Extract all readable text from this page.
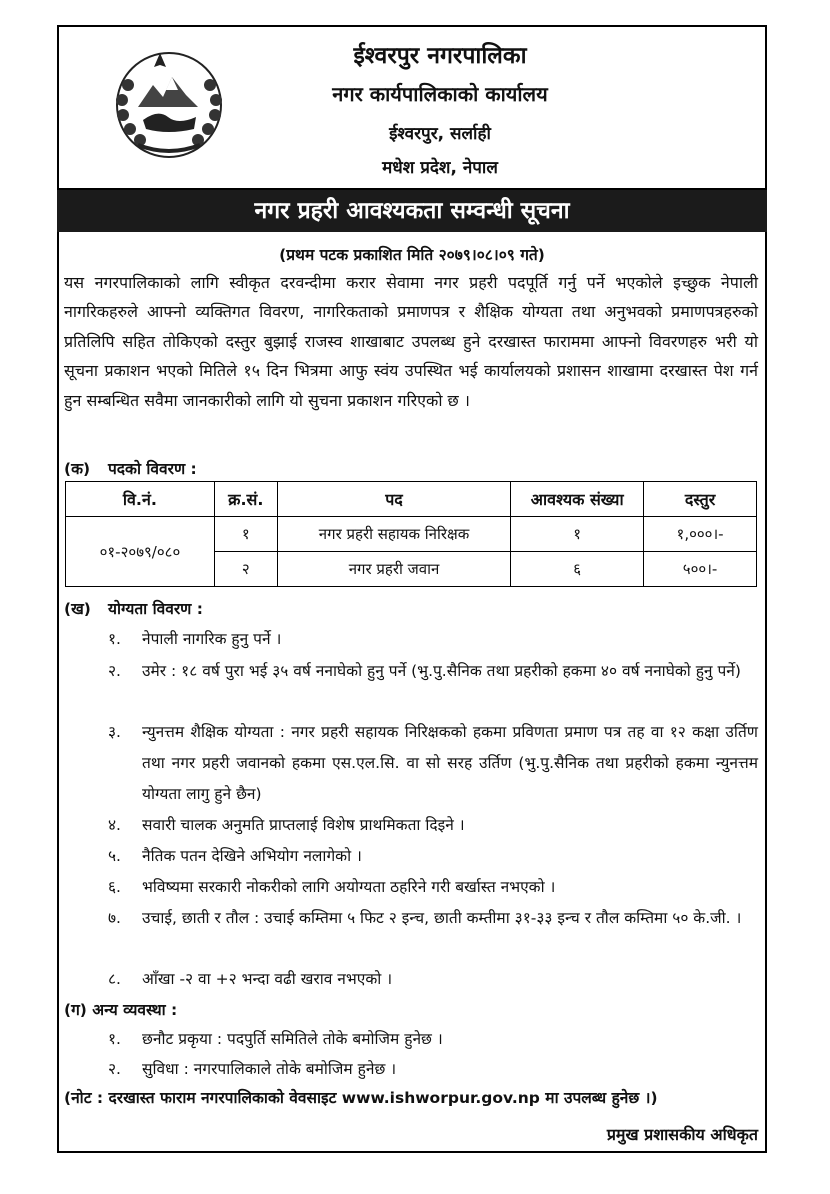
ईश्वरपुर नगरपालिका
नगर कार्यपालिकाको कार्यालय
ईश्वरपुर, सर्लाही
मधेश प्रदेश, नेपाल
नगर प्रहरी आवश्यकता सम्वन्धी सूचना
(प्रथम पटक प्रकाशित मिति २०७९।०८।०९ गते)
यस नगरपालिकाको लागि स्वीकृत दरवन्दीमा करार सेवामा नगर प्रहरी पदपूर्ति गर्नु पर्ने भएकोले इच्छुक नेपाली नागरिकहरुले आफ्नो व्यक्तिगत विवरण, नागरिकताको प्रमाणपत्र र शैक्षिक योग्यता तथा अनुभवको प्रमाणपत्रहरुको प्रतिलिपि सहित तोकिएको दस्तुर बुझाई राजस्व शाखाबाट उपलब्ध हुने दरखास्त फाराममा आफ्नो विवरणहरु भरी यो सूचना प्रकाशन भएको मितिले १५ दिन भित्रमा आफु स्वंय उपस्थित भई कार्यालयको प्रशासन शाखामा दरखास्त पेश गर्न हुन सम्बन्धित सवैमा जानकारीको लागि यो सुचना प्रकाशन गरिएको छ ।
(क) पदको विवरण :
वि.नं.	क्र.सं.	पद	आवश्यक संख्या	दस्तुर
०१-२०७९/०८०	१	नगर प्रहरी सहायक निरिक्षक	१	१,०००।-
	२	नगर प्रहरी जवान	६	५००।-
(ख) योग्यता विवरण :
१.	नेपाली नागरिक हुनु पर्ने ।
२.	उमेर : १८ वर्ष पुरा भई ३५ वर्ष ननाघेको हुनु पर्ने (भु.पु.सैनिक तथा प्रहरीको हकमा ४० वर्ष ननाघेको हुनु पर्ने)
३.	न्युनत्तम शैक्षिक योग्यता : नगर प्रहरी सहायक निरिक्षकको हकमा प्रविणता प्रमाण पत्र तह वा १२ कक्षा उर्तिण तथा नगर प्रहरी जवानको हकमा एस.एल.सि. वा सो सरह उर्तिण (भु.पु.सैनिक तथा प्रहरीको हकमा न्युनत्तम योग्यता लागु हुने छैन)
४.	सवारी चालक अनुमति प्राप्तलाई विशेष प्राथमिकता दिइने ।
५.	नैतिक पतन देखिने अभियोग नलागेको ।
६.	भविष्यमा सरकारी नोकरीको लागि अयोग्यता ठहरिने गरी बर्खास्त नभएको ।
७.	उचाई, छाती र तौल : उचाई कम्तिमा ५ फिट २ इन्च, छाती कम्तीमा ३१-३३ इन्च र तौल कम्तिमा ५० के.जी. ।
८.	आँखा -२ वा +२ भन्दा वढी खराव नभएको ।
(ग) अन्य व्यवस्था :
१.	छनौट प्रकृया : पदपुर्ति समितिले तोके बमोजिम हुनेछ ।
२.	सुविधा : नगरपालिकाले तोके बमोजिम हुनेछ ।
(नोट : दरखास्त फाराम नगरपालिकाको वेवसाइट www.ishworpur.gov.np मा उपलब्ध हुनेछ ।)
प्रमुख प्रशासकीय अधिकृत
